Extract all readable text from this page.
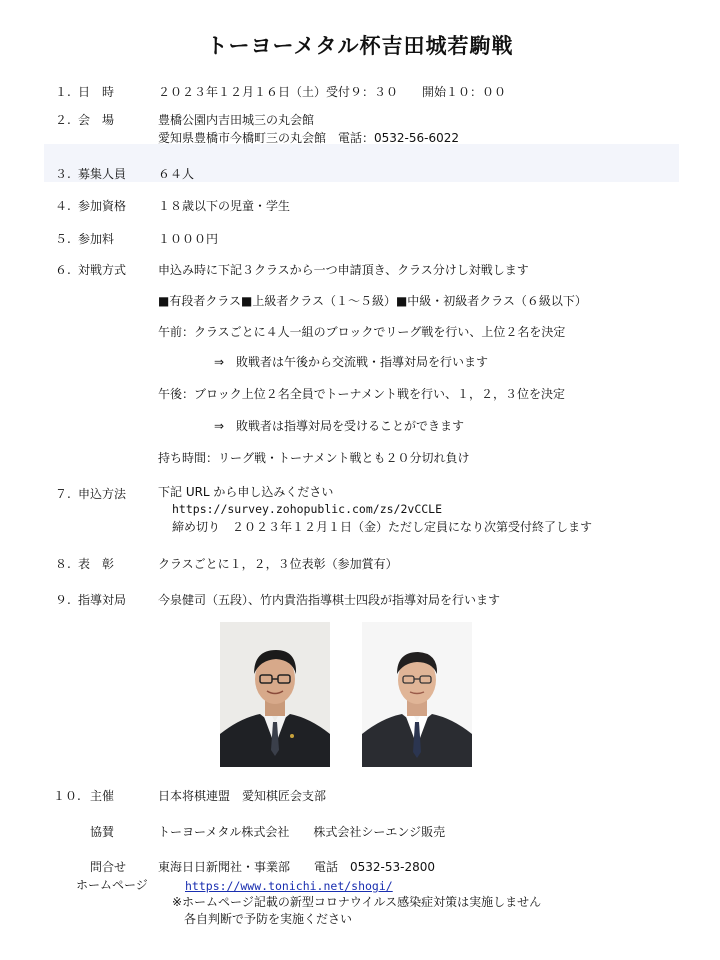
トーヨーメタル杯吉田城若駒戦
１. 日　時	２０２３年１２月１６日（土）受付９：３０　　開始１０：００
２. 会　場	豊橋公園内吉田城三の丸会館
愛知県豊橋市今橋町三の丸会館　電話：0532-56-6022
３. 募集人員	６４人
４. 参加資格	１８歳以下の児童・学生
５. 参加料	１０００円
６. 対戦方式	申込み時に下記３クラスから一つ申請頂き、クラス分けし対戦します
■有段者クラス■上級者クラス（１～５級）■中級・初級者クラス（６級以下）
午前：クラスごとに４人一組のブロックでリーグ戦を行い、上位２名を決定
⇒　敗戦者は午後から交流戦・指導対局を行います
午後：ブロック上位２名全員でトーナメント戦を行い、１，２，３位を決定
⇒　敗戦者は指導対局を受けることができます
持ち時間：リーグ戦・トーナメント戦とも２０分切れ負け
７. 申込方法	下記 URL から申し込みください
https://survey.zohopublic.com/zs/2vCCLE
締め切り　２０２３年１２月１日（金）ただし定員になり次第受付終了します
８. 表　彰	クラスごとに１，２，３位表彰（参加賞有）
９. 指導対局	今泉健司（五段）、竹内貴浩指導棋士四段が指導対局を行います
１０. 主催	日本将棋連盟　愛知棋匠会支部
協賛	トーヨーメタル株式会社　　株式会社シーエンジ販売
問合せ	東海日日新聞社・事業部　　電話　0532-53-2800
ホームページ	https://www.tonichi.net/shogi/
※ホームページ記載の新型コロナウイルス感染症対策は実施しません
各自判断で予防を実施ください
